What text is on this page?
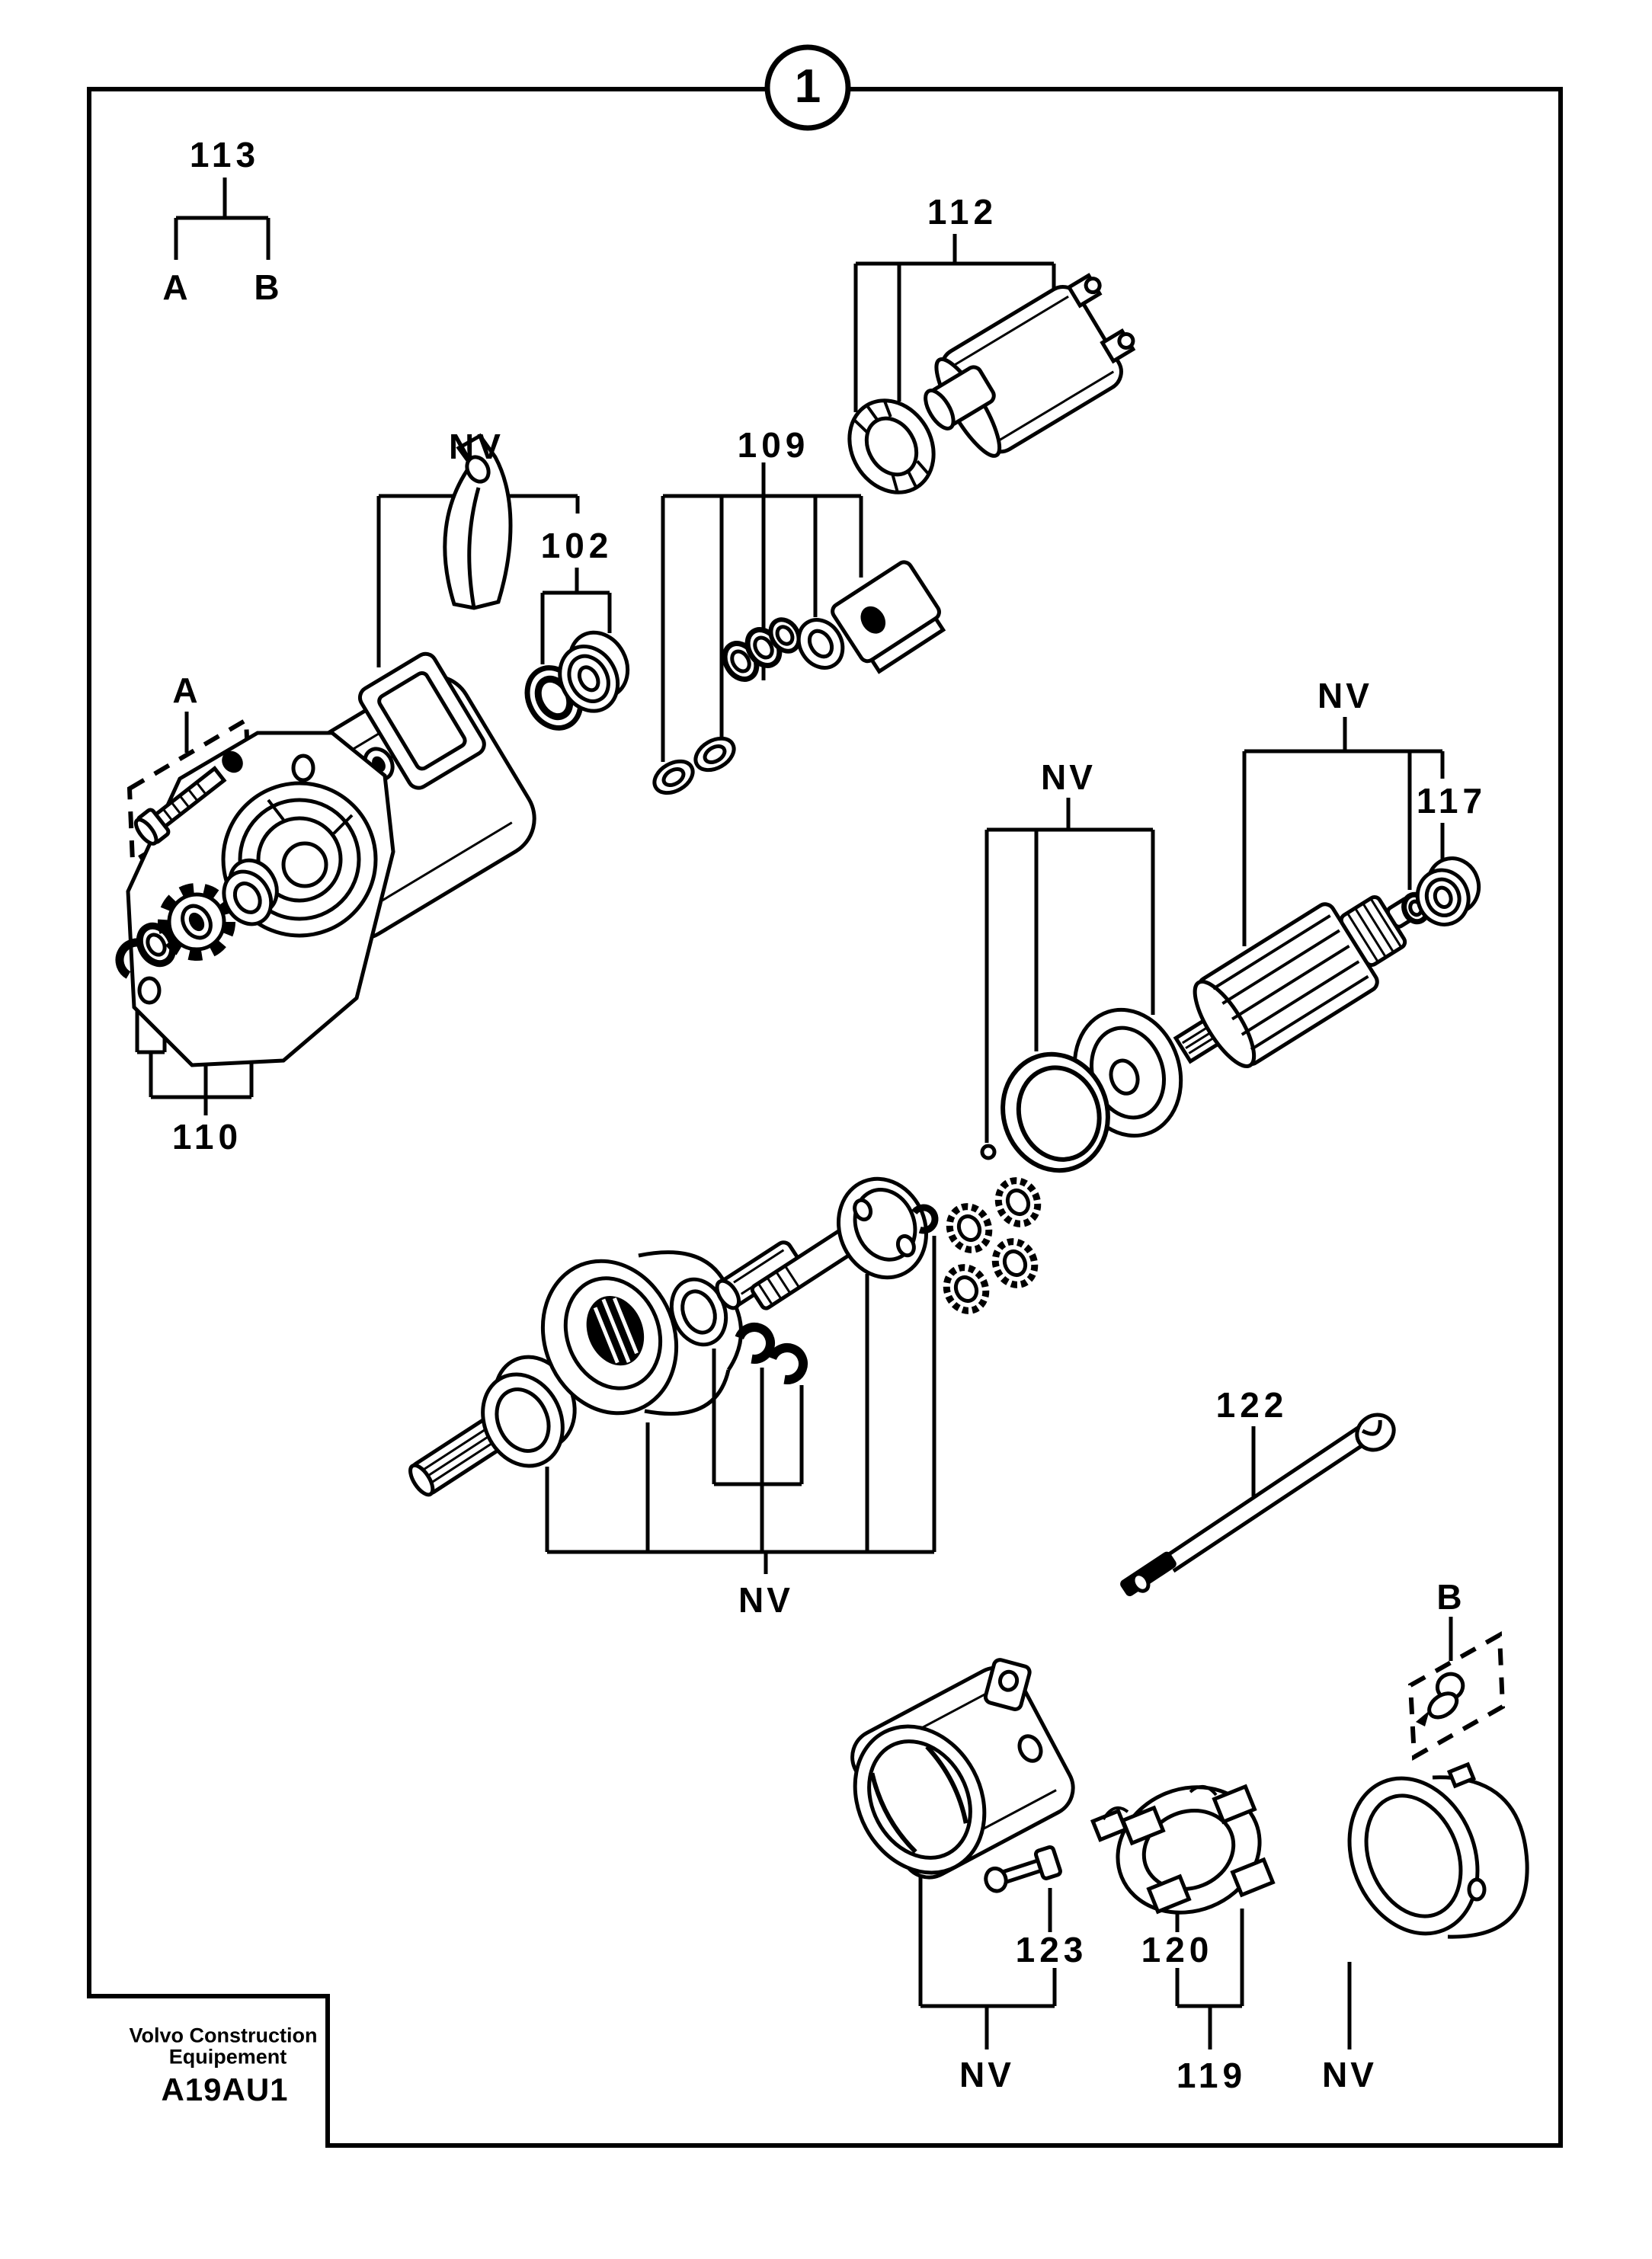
1
113
A B
112
NV
102
109
A
110
NV
NV
117
122
B
NV
123 120
NV	119 NV
Volvo Construction
Equipement
A19AU1
